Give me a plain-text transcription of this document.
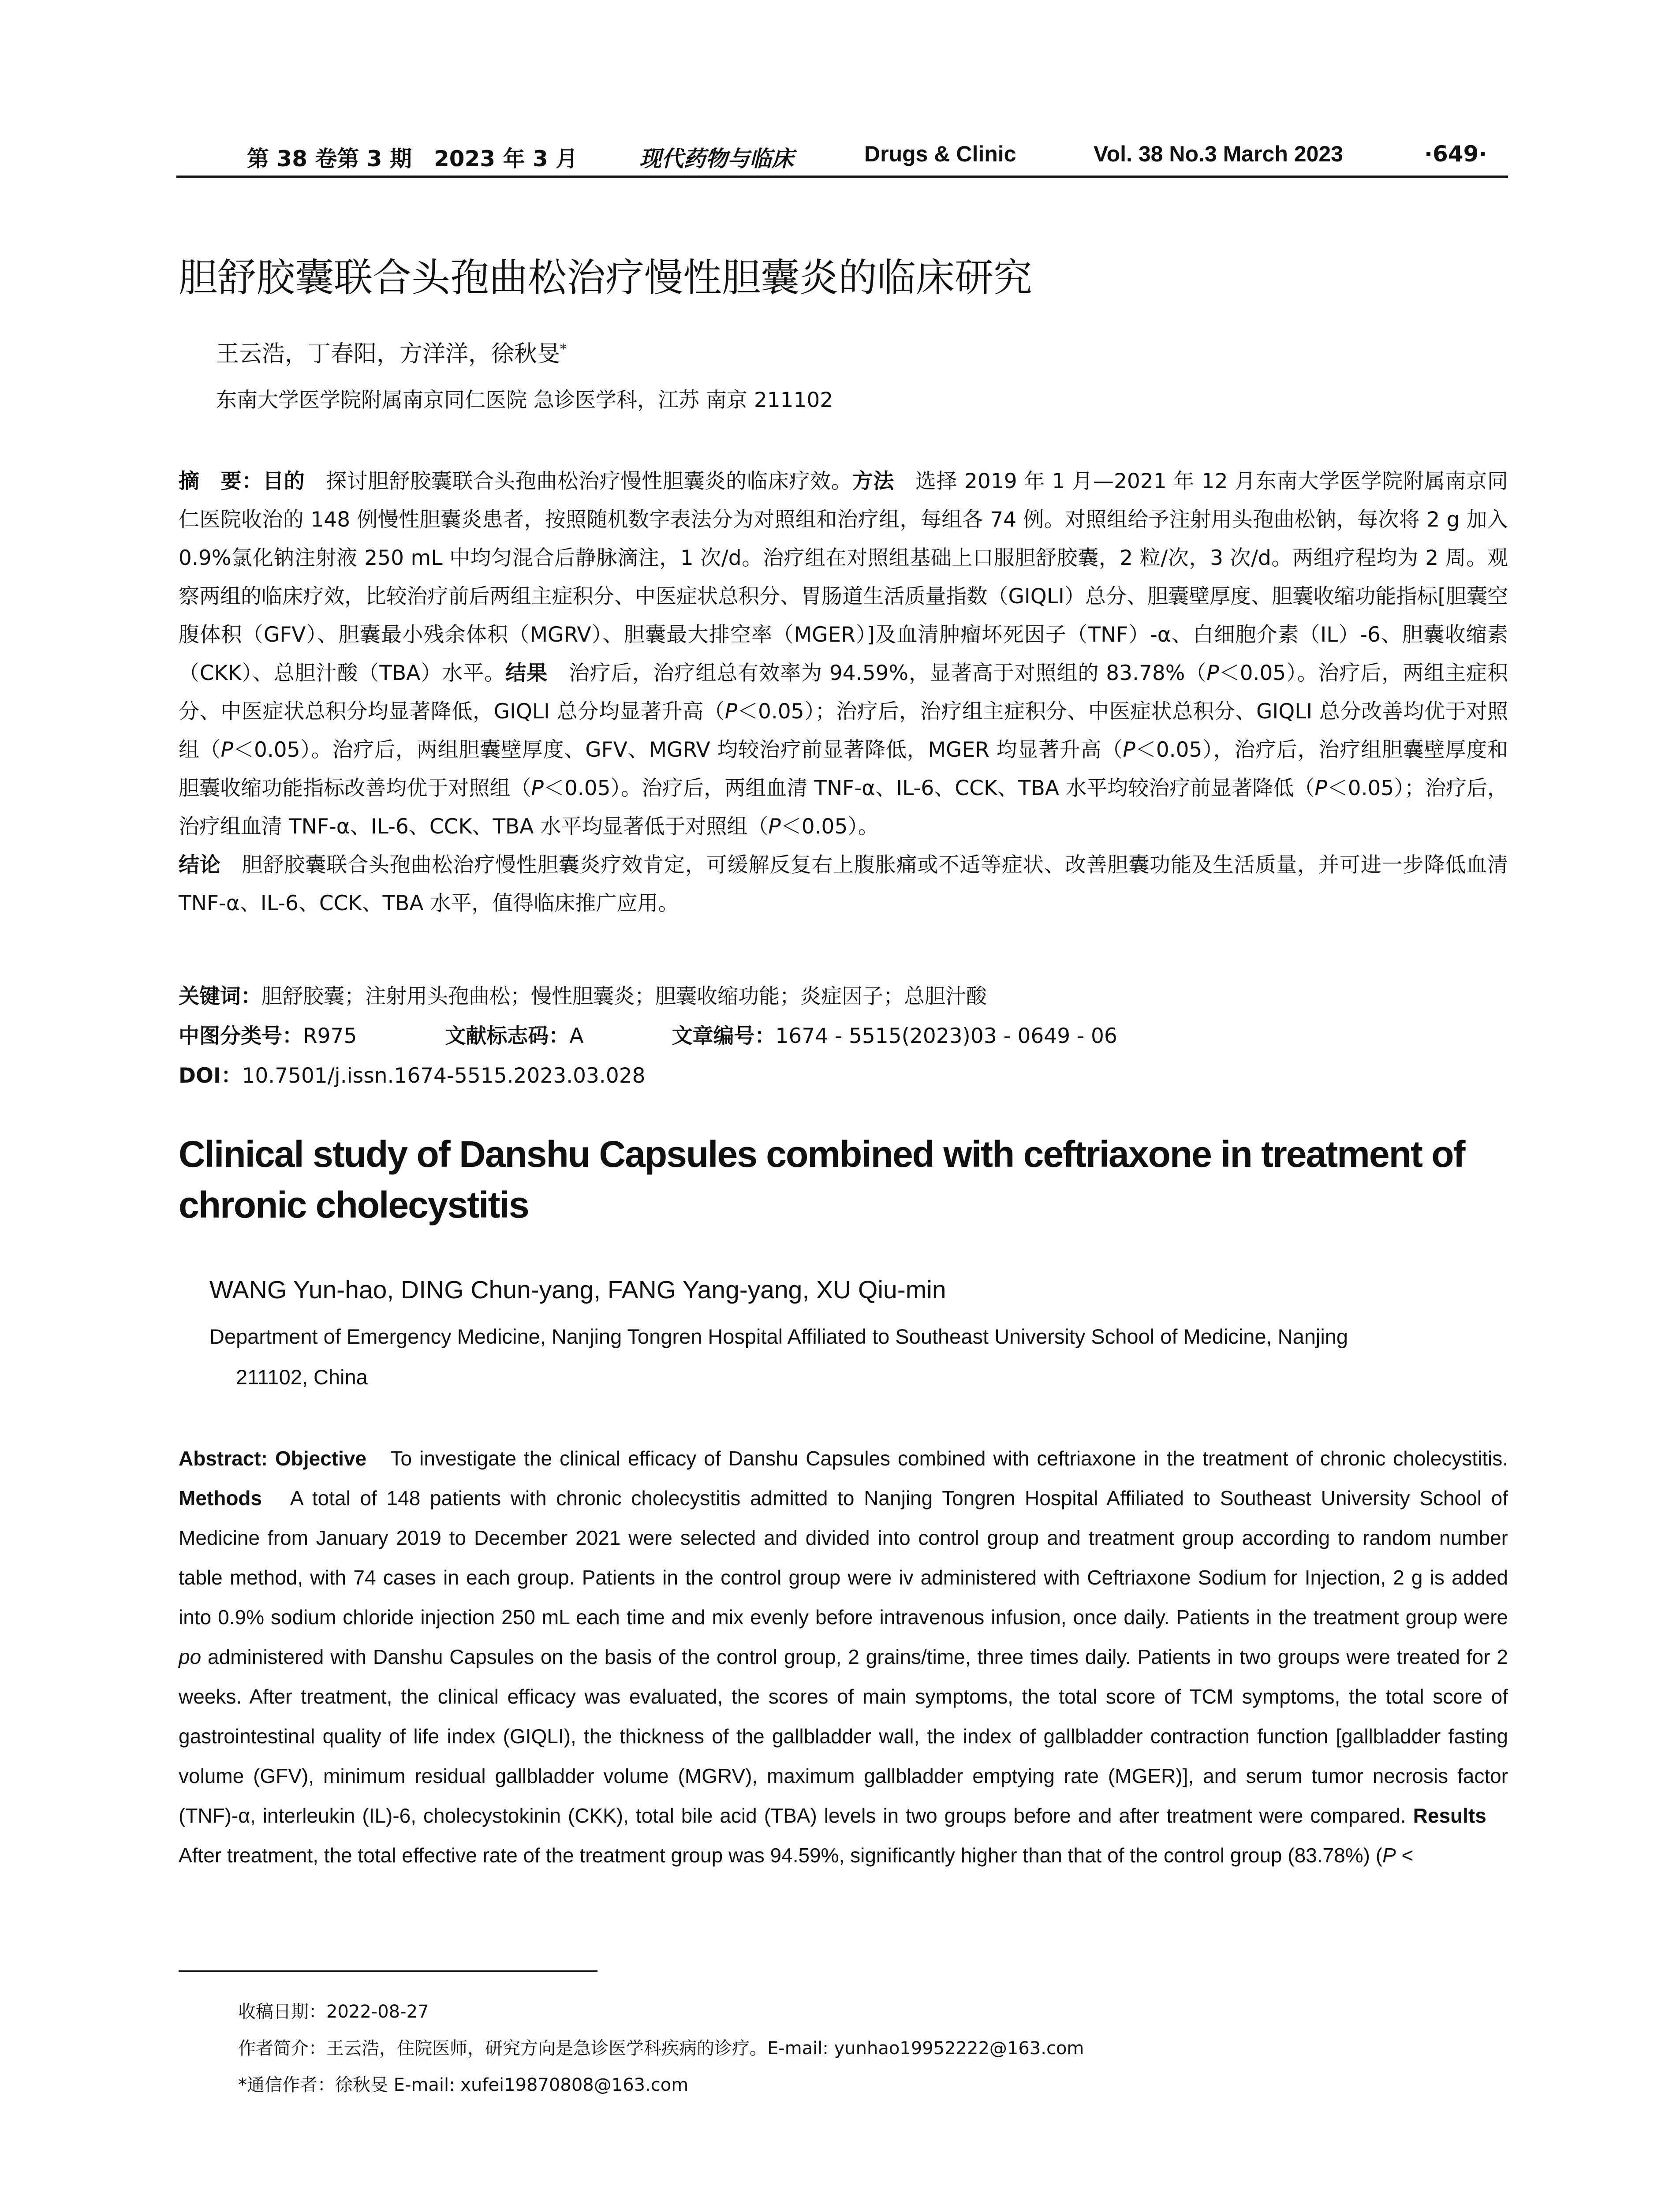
第 38 卷第 3 期　2023 年 3 月	现代药物与临床	Drugs & Clinic	Vol. 38 No.3 March 2023	·649·
胆舒胶囊联合头孢曲松治疗慢性胆囊炎的临床研究
王云浩，丁春阳，方洋洋，徐秋旻*
东南大学医学院附属南京同仁医院 急诊医学科，江苏 南京 211102
摘　要：目的　探讨胆舒胶囊联合头孢曲松治疗慢性胆囊炎的临床疗效。方法　选择 2019 年 1 月—2021 年 12 月东南大学医学院附属南京同仁医院收治的 148 例慢性胆囊炎患者，按照随机数字表法分为对照组和治疗组，每组各 74 例。对照组给予注射用头孢曲松钠，每次将 2 g 加入 0.9%氯化钠注射液 250 mL 中均匀混合后静脉滴注，1 次/d。治疗组在对照组基础上口服胆舒胶囊，2 粒/次，3 次/d。两组疗程均为 2 周。观察两组的临床疗效，比较治疗前后两组主症积分、中医症状总积分、胃肠道生活质量指数（GIQLI）总分、胆囊壁厚度、胆囊收缩功能指标[胆囊空腹体积（GFV）、胆囊最小残余体积（MGRV）、胆囊最大排空率（MGER）]及血清肿瘤坏死因子（TNF）-α、白细胞介素（IL）-6、胆囊收缩素（CKK）、总胆汁酸（TBA）水平。结果　治疗后，治疗组总有效率为 94.59%，显著高于对照组的 83.78%（P＜0.05）。治疗后，两组主症积分、中医症状总积分均显著降低，GIQLI 总分均显著升高（P＜0.05）；治疗后，治疗组主症积分、中医症状总积分、GIQLI 总分改善均优于对照组（P＜0.05）。治疗后，两组胆囊壁厚度、GFV、MGRV 均较治疗前显著降低，MGER 均显著升高（P＜0.05），治疗后，治疗组胆囊壁厚度和胆囊收缩功能指标改善均优于对照组（P＜0.05）。治疗后，两组血清 TNF-α、IL-6、CCK、TBA 水平均较治疗前显著降低（P＜0.05）；治疗后，治疗组血清 TNF-α、IL-6、CCK、TBA 水平均显著低于对照组（P＜0.05）。
结论　胆舒胶囊联合头孢曲松治疗慢性胆囊炎疗效肯定，可缓解反复右上腹胀痛或不适等症状、改善胆囊功能及生活质量，并可进一步降低血清 TNF-α、IL-6、CCK、TBA 水平，值得临床推广应用。
关键词：胆舒胶囊；注射用头孢曲松；慢性胆囊炎；胆囊收缩功能；炎症因子；总胆汁酸
中图分类号：R975	文献标志码：A	文章编号：1674 - 5515(2023)03 - 0649 - 06
DOI：10.7501/j.issn.1674-5515.2023.03.028
Clinical study of Danshu Capsules combined with ceftriaxone in treatment of chronic cholecystitis
WANG Yun-hao, DING Chun-yang, FANG Yang-yang, XU Qiu-min
Department of Emergency Medicine, Nanjing Tongren Hospital Affiliated to Southeast University School of Medicine, Nanjing
211102, China
Abstract: Objective　To investigate the clinical efficacy of Danshu Capsules combined with ceftriaxone in the treatment of chronic cholecystitis. Methods　A total of 148 patients with chronic cholecystitis admitted to Nanjing Tongren Hospital Affiliated to Southeast University School of Medicine from January 2019 to December 2021 were selected and divided into control group and treatment group according to random number table method, with 74 cases in each group. Patients in the control group were iv administered with Ceftriaxone Sodium for Injection, 2 g is added into 0.9% sodium chloride injection 250 mL each time and mix evenly before intravenous infusion, once daily. Patients in the treatment group were po administered with Danshu Capsules on the basis of the control group, 2 grains/time, three times daily. Patients in two groups were treated for 2 weeks. After treatment, the clinical efficacy was evaluated, the scores of main symptoms, the total score of TCM symptoms, the total score of gastrointestinal quality of life index (GIQLI), the thickness of the gallbladder wall, the index of gallbladder contraction function [gallbladder fasting volume (GFV), minimum residual gallbladder volume (MGRV), maximum gallbladder emptying rate (MGER)], and serum tumor necrosis factor (TNF)-α, interleukin (IL)-6, cholecystokinin (CKK), total bile acid (TBA) levels in two groups before and after treatment were compared. Results　After treatment, the total effective rate of the treatment group was 94.59%, significantly higher than that of the control group (83.78%) (P <
收稿日期：2022-08-27
作者简介：王云浩，住院医师，研究方向是急诊医学科疾病的诊疗。E-mail: yunhao19952222@163.com
*通信作者：徐秋旻 E-mail: xufei19870808@163.com
